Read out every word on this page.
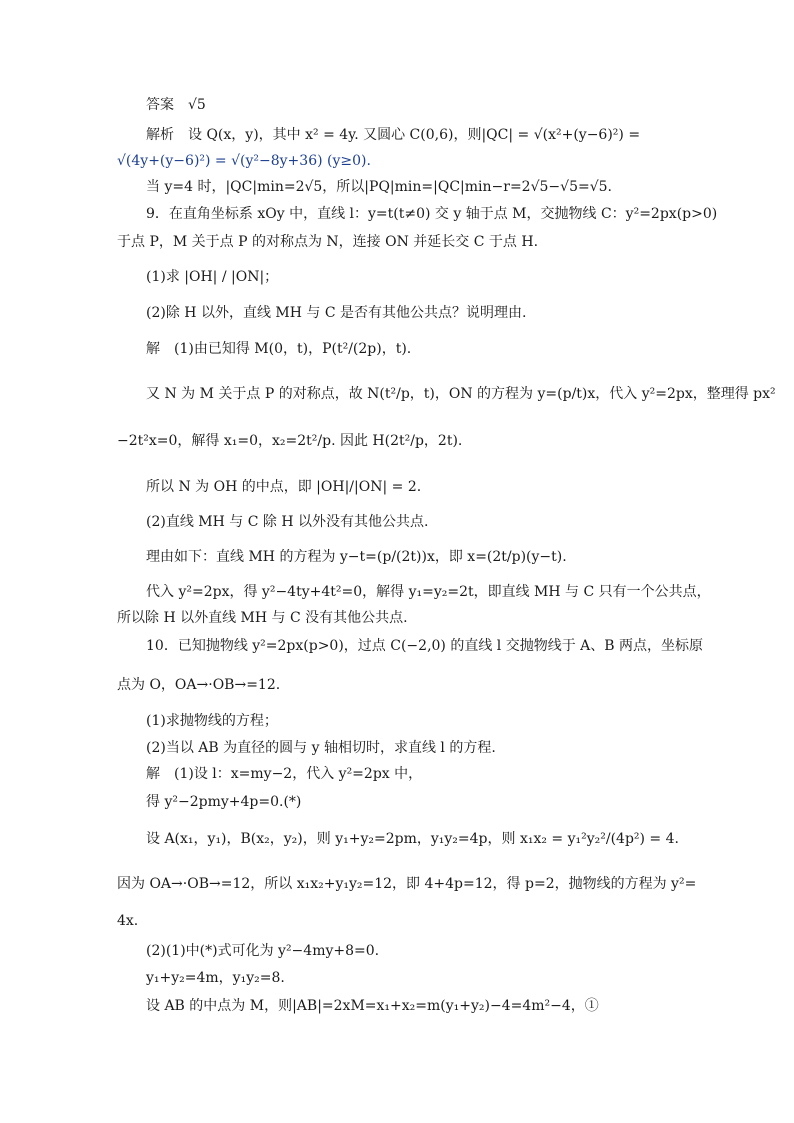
答案　√5
解析　设 Q(x，y)，其中 x² = 4y. 又圆心 C(0,6)，则|QC| = √(x²+(y−6)²) =
√(4y+(y−6)²) = √(y²−8y+36) (y≥0).
当 y=4 时，|QC|min=2√5，所以|PQ|min=|QC|min−r=2√5−√5=√5.
9．在直角坐标系 xOy 中，直线 l：y=t(t≠0) 交 y 轴于点 M，交抛物线 C：y²=2px(p>0)
于点 P，M 关于点 P 的对称点为 N，连接 ON 并延长交 C 于点 H.
(1)求 |OH| / |ON|；
(2)除 H 以外，直线 MH 与 C 是否有其他公共点？说明理由.
解　(1)由已知得 M(0，t)，P(t²/(2p)，t).
又 N 为 M 关于点 P 的对称点，故 N(t²/p，t)，ON 的方程为 y=(p/t)x，代入 y²=2px，整理得 px²
−2t²x=0，解得 x₁=0，x₂=2t²/p. 因此 H(2t²/p，2t).
所以 N 为 OH 的中点，即 |OH|/|ON| = 2.
(2)直线 MH 与 C 除 H 以外没有其他公共点.
理由如下：直线 MH 的方程为 y−t=(p/(2t))x，即 x=(2t/p)(y−t).
代入 y²=2px，得 y²−4ty+4t²=0，解得 y₁=y₂=2t，即直线 MH 与 C 只有一个公共点，
所以除 H 以外直线 MH 与 C 没有其他公共点.
10．已知抛物线 y²=2px(p>0)，过点 C(−2,0) 的直线 l 交抛物线于 A、B 两点，坐标原
点为 O，OA→·OB→=12.
(1)求抛物线的方程；
(2)当以 AB 为直径的圆与 y 轴相切时，求直线 l 的方程.
解　(1)设 l：x=my−2，代入 y²=2px 中，
得 y²−2pmy+4p=0.(*)
设 A(x₁，y₁)，B(x₂，y₂)，则 y₁+y₂=2pm，y₁y₂=4p，则 x₁x₂ = y₁²y₂²/(4p²) = 4.
因为 OA→·OB→=12，所以 x₁x₂+y₁y₂=12，即 4+4p=12，得 p=2，抛物线的方程为 y²=
4x.
(2)(1)中(*)式可化为 y²−4my+8=0.
y₁+y₂=4m，y₁y₂=8.
设 AB 的中点为 M，则|AB|=2xM=x₁+x₂=m(y₁+y₂)−4=4m²−4，①
